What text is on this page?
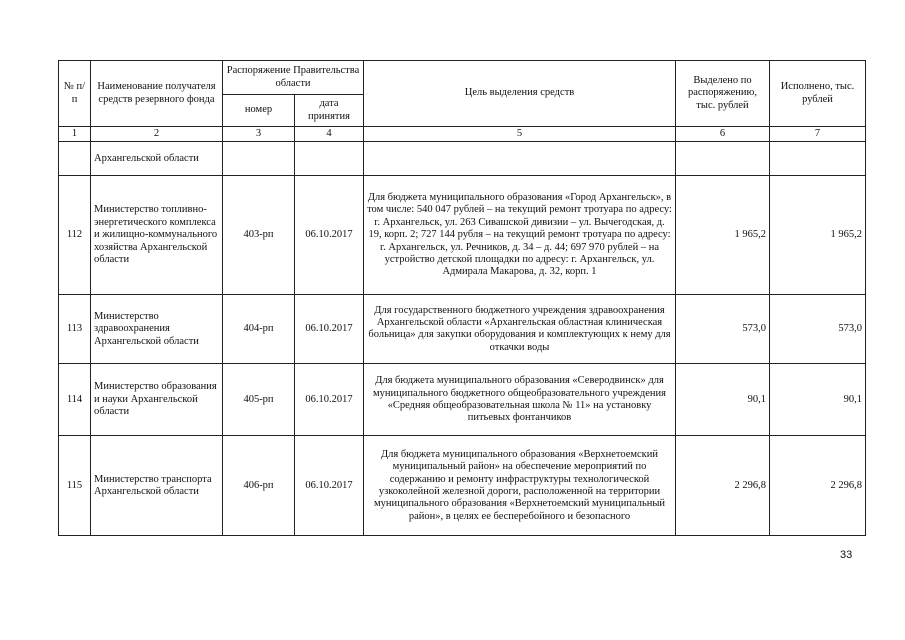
№ п/п	Наименование получателя средств резервного фонда	Распоряжение Правительства области		Цель выделения средств	Выделено по распоряжению, тыс. рублей	Исполнено, тыс. рублей
		номер	дата принятия			
1	2	3	4	5	6	7
	Архангельской области					
112	Министерство топливно-энергетического комплекса и жилищно-коммунального хозяйства Архангельской области	403-рп	06.10.2017	Для бюджета муниципального образования «Город Архангельск», в том числе: 540 047 рублей – на текущий ремонт тротуара по адресу: г. Архангельск, ул. 263 Сивашской дивизии – ул. Вычегодская, д. 19, корп. 2; 727 144 рубля – на текущий ремонт тротуара по адресу: г. Архангельск, ул. Речников, д. 34 – д. 44; 697 970 рублей – на устройство детской площадки по адресу: г. Архангельск, ул. Адмирала Макарова, д. 32, корп. 1	1 965,2	1 965,2
113	Министерство здравоохранения Архангельской области	404-рп	06.10.2017	Для государственного бюджетного учреждения здравоохранения Архангельской области «Архангельская областная клиническая больница» для закупки оборудования и комплектующих к нему для откачки воды	573,0	573,0
114	Министерство образования и науки Архангельской области	405-рп	06.10.2017	Для бюджета муниципального образования «Северодвинск» для муниципального бюджетного общеобразовательного учреждения «Средняя общеобразовательная школа № 11» на установку питьевых фонтанчиков	90,1	90,1
115	Министерство транспорта Архангельской области	406-рп	06.10.2017	Для бюджета муниципального образования «Верхнетоемский муниципальный район» на обеспечение мероприятий по содержанию и ремонту инфраструктуры технологической узкоколейной железной дороги, расположенной на территории муниципального образования «Верхнетоемский муниципальный район», в целях ее бесперебойного и безопасного	2 296,8	2 296,8
33
